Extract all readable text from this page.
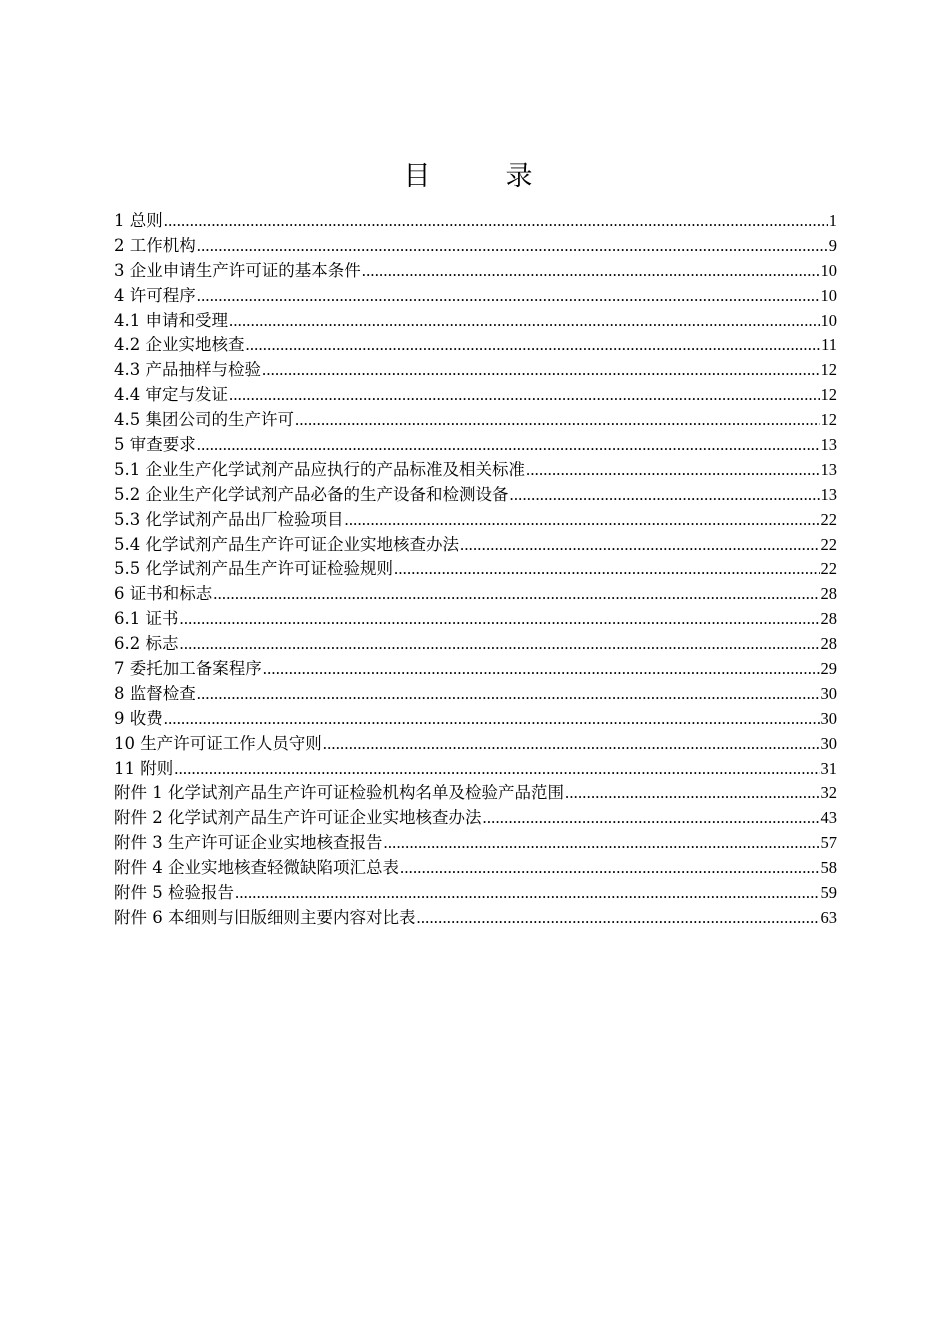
目　录
1 总则 .....	1
2 工作机构 .....	9
3 企业申请生产许可证的基本条件 .....	10
4 许可程序 .....	10
4.1 申请和受理 .....	10
4.2 企业实地核查 .....	11
4.3 产品抽样与检验 .....	12
4.4 审定与发证 .....	12
4.5 集团公司的生产许可 .....	12
5 审查要求 .....	13
5.1 企业生产化学试剂产品应执行的产品标准及相关标准 .....	13
5.2 企业生产化学试剂产品必备的生产设备和检测设备 .....	13
5.3 化学试剂产品出厂检验项目 .....	22
5.4 化学试剂产品生产许可证企业实地核查办法 .....	22
5.5 化学试剂产品生产许可证检验规则 .....	22
6 证书和标志 .....	28
6.1 证书 .....	28
6.2 标志 .....	28
7 委托加工备案程序 .....	29
8 监督检查 .....	30
9 收费 .....	30
10 生产许可证工作人员守则 .....	30
11 附则 .....	31
附件 1 化学试剂产品生产许可证检验机构名单及检验产品范围 .....	32
附件 2 化学试剂产品生产许可证企业实地核查办法 .....	43
附件 3 生产许可证企业实地核查报告 .....	57
附件 4 企业实地核查轻微缺陷项汇总表 .....	58
附件 5 检验报告 .....	59
附件 6 本细则与旧版细则主要内容对比表 .....	63
